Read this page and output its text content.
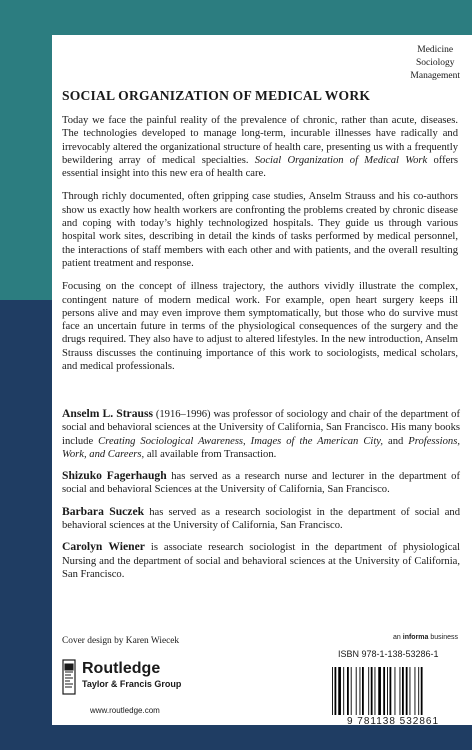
Medicine
Sociology
Management
SOCIAL ORGANIZATION OF MEDICAL WORK

Today we face the painful reality of the prevalence of chronic, rather than acute, diseases. The technologies developed to manage long-term, incurable illnesses have radically and irrevocably altered the organizational structure of health care, presenting us with a frequently bewildering array of medical specialties. Social Organization of Medical Work offers essential insight into this new era of health care.

Through richly documented, often gripping case studies, Anselm Strauss and his co-authors show us exactly how health workers are confronting the problems created by chronic disease and coping with today’s highly technologized hospitals. They guide us through various hospital work sites, describing in detail the kinds of tasks performed by medical personnel, the interactions of staff members with each other and with patients, and the overall resulting patient treatment and response.

Focusing on the concept of illness trajectory, the authors vividly illustrate the complex, contingent nature of modern medical work. For example, open heart surgery keeps ill persons alive and may even improve them symptomatically, but those who do survive must face an uncertain future in terms of the physiological consequences of the surgery and the drugs required. They also have to adjust to altered lifestyles. In the new introduction, Anselm Strauss discusses the continuing importance of this work to sociologists, medical scholars, and medical professionals.

Anselm L. Strauss (1916–1996) was professor of sociology and chair of the department of social and behavioral sciences at the University of California, San Francisco. His many books include Creating Sociological Awareness, Images of the American City, and Professions, Work, and Careers, all available from Transaction.

Shizuko Fagerhaugh has served as a research nurse and lecturer in the department of social and behavioral Sciences at the University of California, San Francisco.

Barbara Suczek has served as a research sociologist in the department of social and behavioral sciences at the University of California, San Francisco.

Carolyn Wiener is associate research sociologist in the department of physiological Nursing and the department of social and behavioral sciences at the University of California, San Francisco.

Cover design by Karen Wiecek	an informa business
ISBN 978-1-138-53286-1
9 781138 532861
Routledge
Taylor & Francis Group
www.routledge.com
